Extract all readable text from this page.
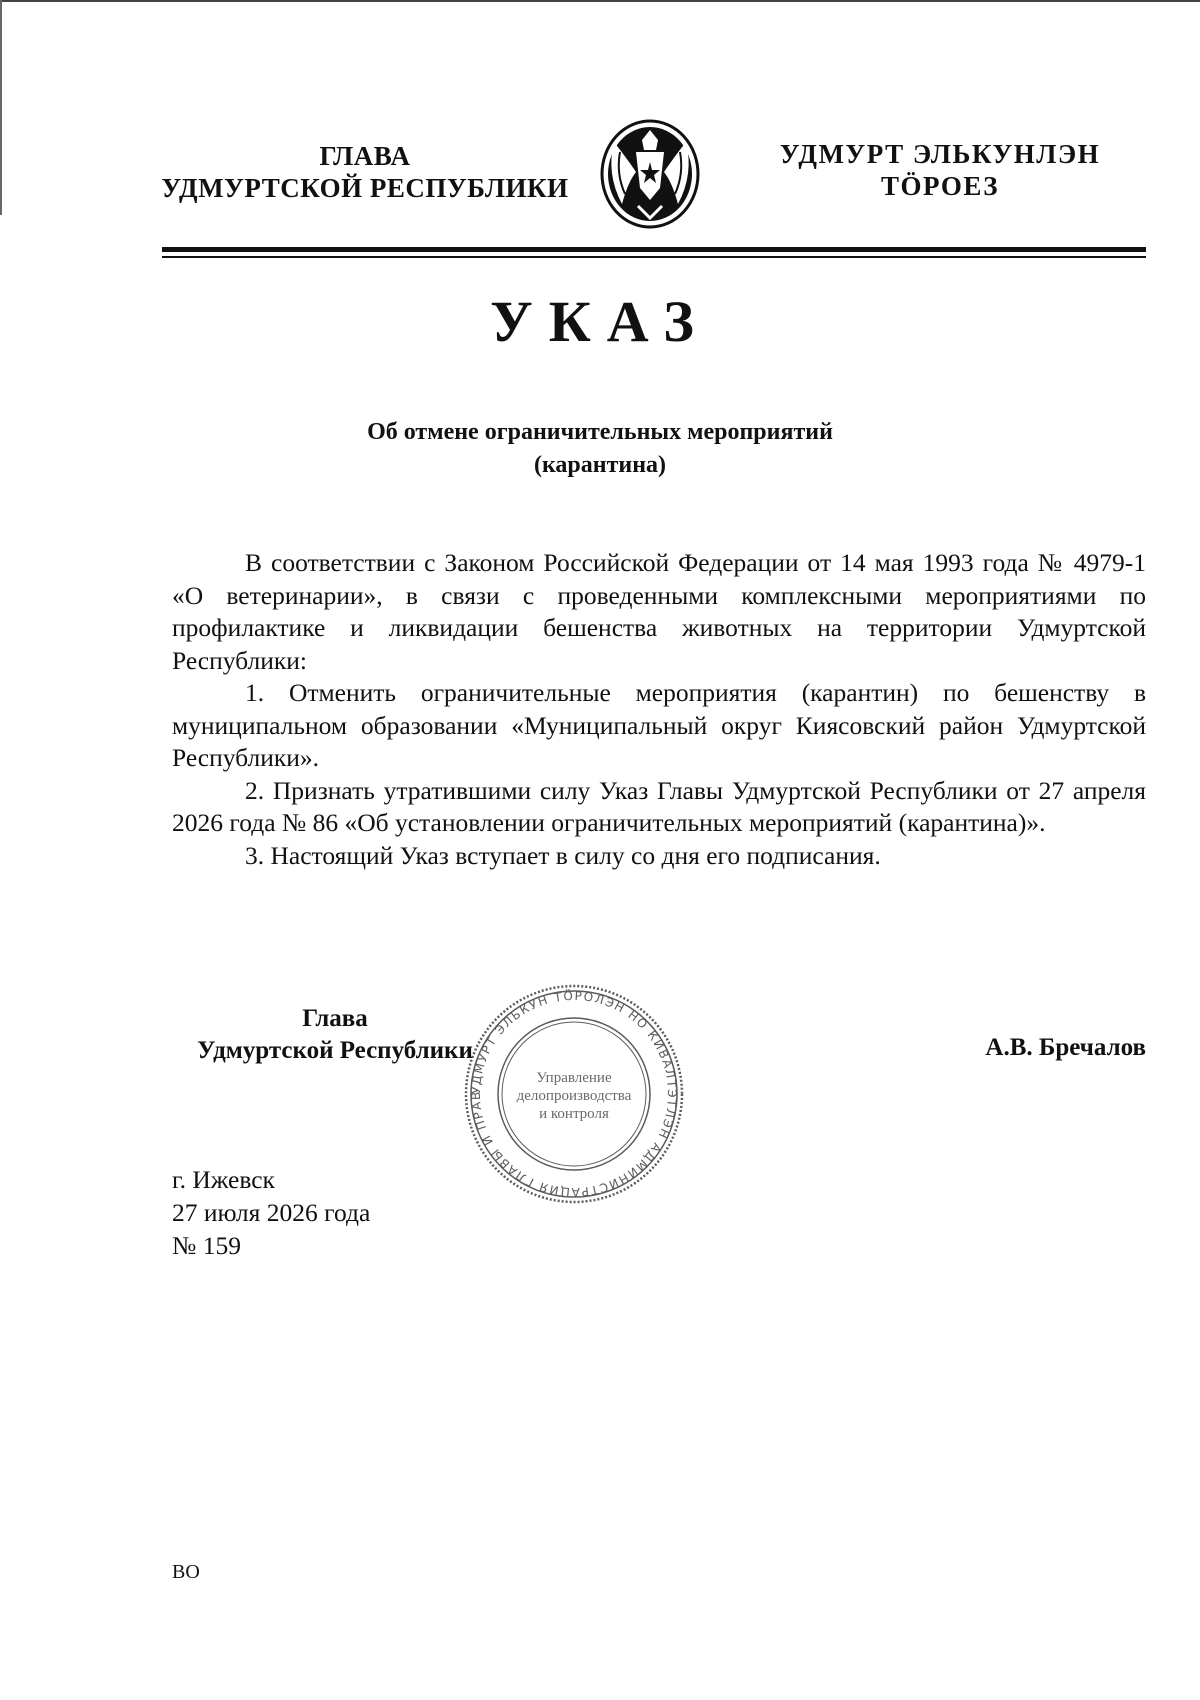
ГЛАВА
УДМУРТСКОЙ РЕСПУБЛИКИ
УДМУРТ ЭЛЬКУНЛЭН
ТÖРОЕЗ
УКАЗ
Об отмене ограничительных мероприятий
(карантина)

В соответствии с Законом Российской Федерации от 14 мая 1993 года № 4979-1 «О ветеринарии», в связи с проведенными комплексными мероприятиями по профилактике и ликвидации бешенства животных на территории Удмуртской Республики:

1. Отменить ограничительные мероприятия (карантин) по бешенству в муниципальном образовании «Муниципальный округ Киясовский район Удмуртской Республики».

2. Признать утратившими силу Указ Главы Удмуртской Республики от 27 апреля 2026 года № 86 «Об установлении ограничительных мероприятий (карантина)».

3. Настоящий Указ вступает в силу со дня его подписания.

Глава
Удмуртской Республики
УДМУРТ ЭЛЬКУН ТӦРОЛЭН НО КИВАЛТЭТЛЭН АДМИНИСТРАЦИЯ ГЛАВЫ И ПРАВ
Управление
делопроизводства
и контроля
А.В. Бречалов
г. Ижевск
27 июля 2026 года
№ 159
ВО
